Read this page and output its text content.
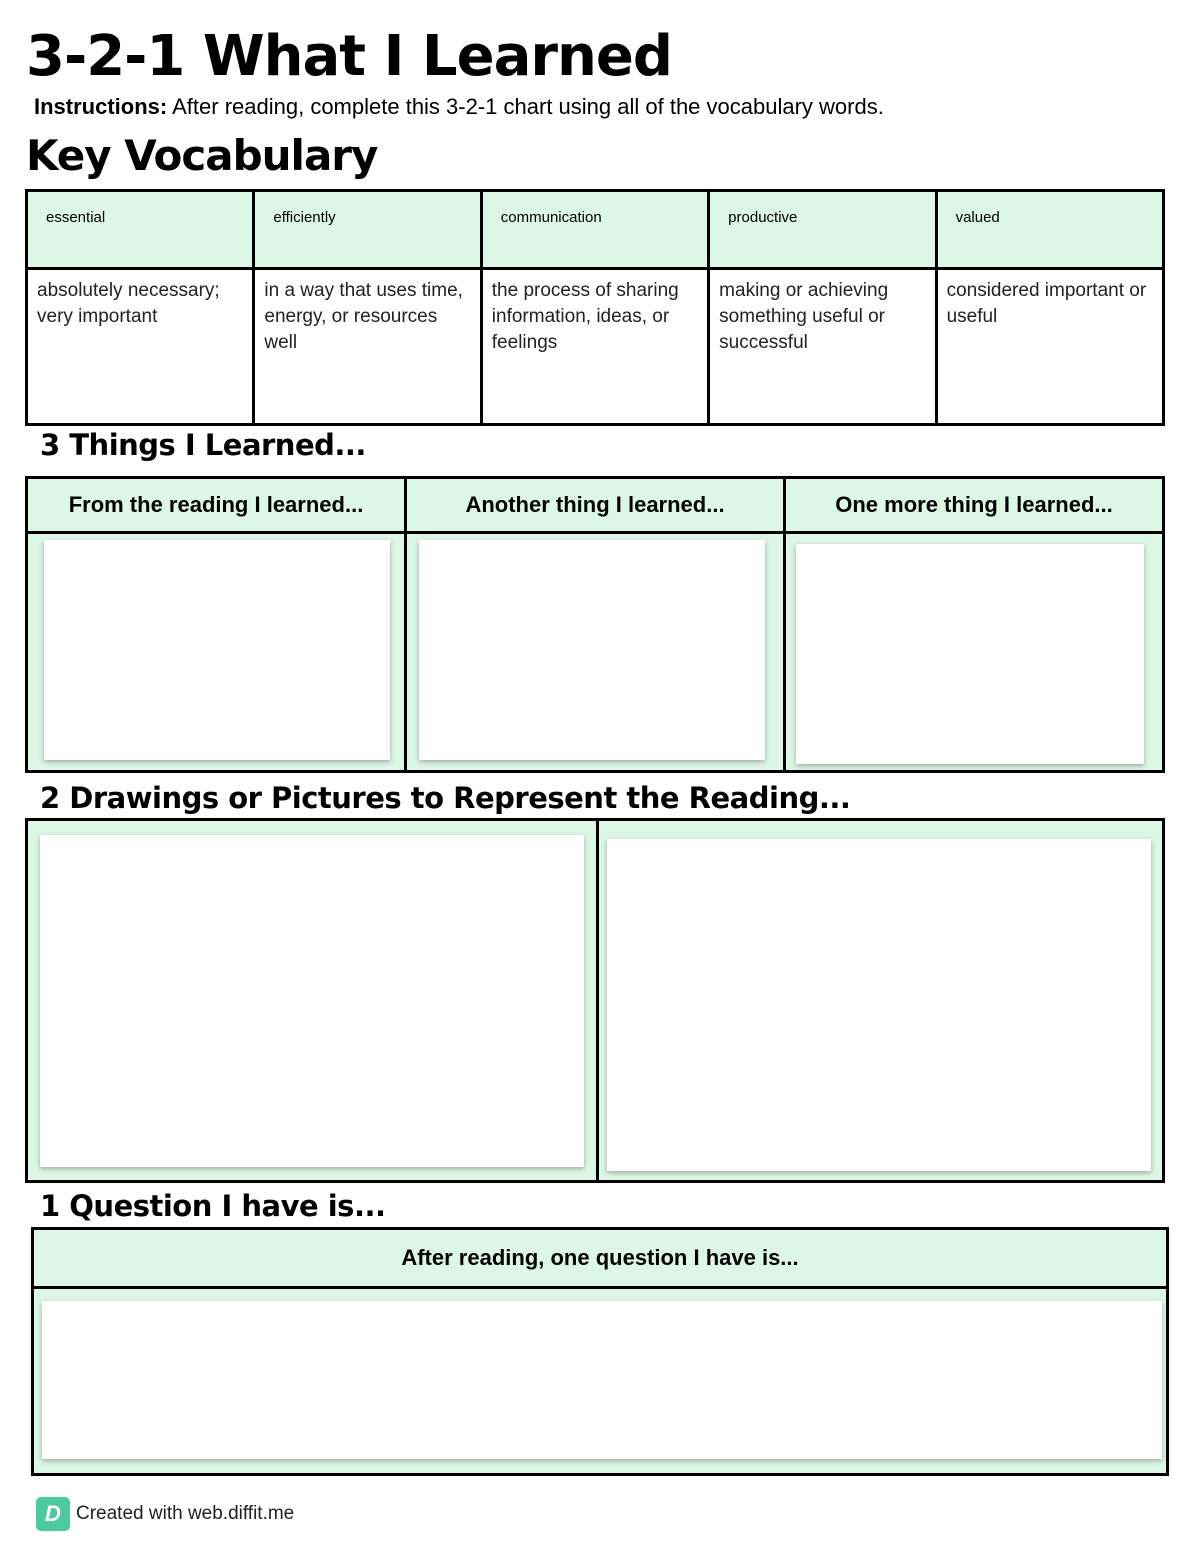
3-2-1 What I Learned
Instructions: After reading, complete this 3-2-1 chart using all of the vocabulary words.
Key Vocabulary
essential	efficiently	communication	productive	valued
absolutely necessary; very important	in a way that uses time, energy, or resources well	the process of sharing information, ideas, or feelings	making or achieving something useful or successful	considered important or useful
3 Things I Learned...
From the reading I learned...	Another thing I learned...	One more thing I learned...

2 Drawings or Pictures to Represent the Reading...

1 Question I have is...
After reading, one question I have is...

D Created with web.diffit.me
